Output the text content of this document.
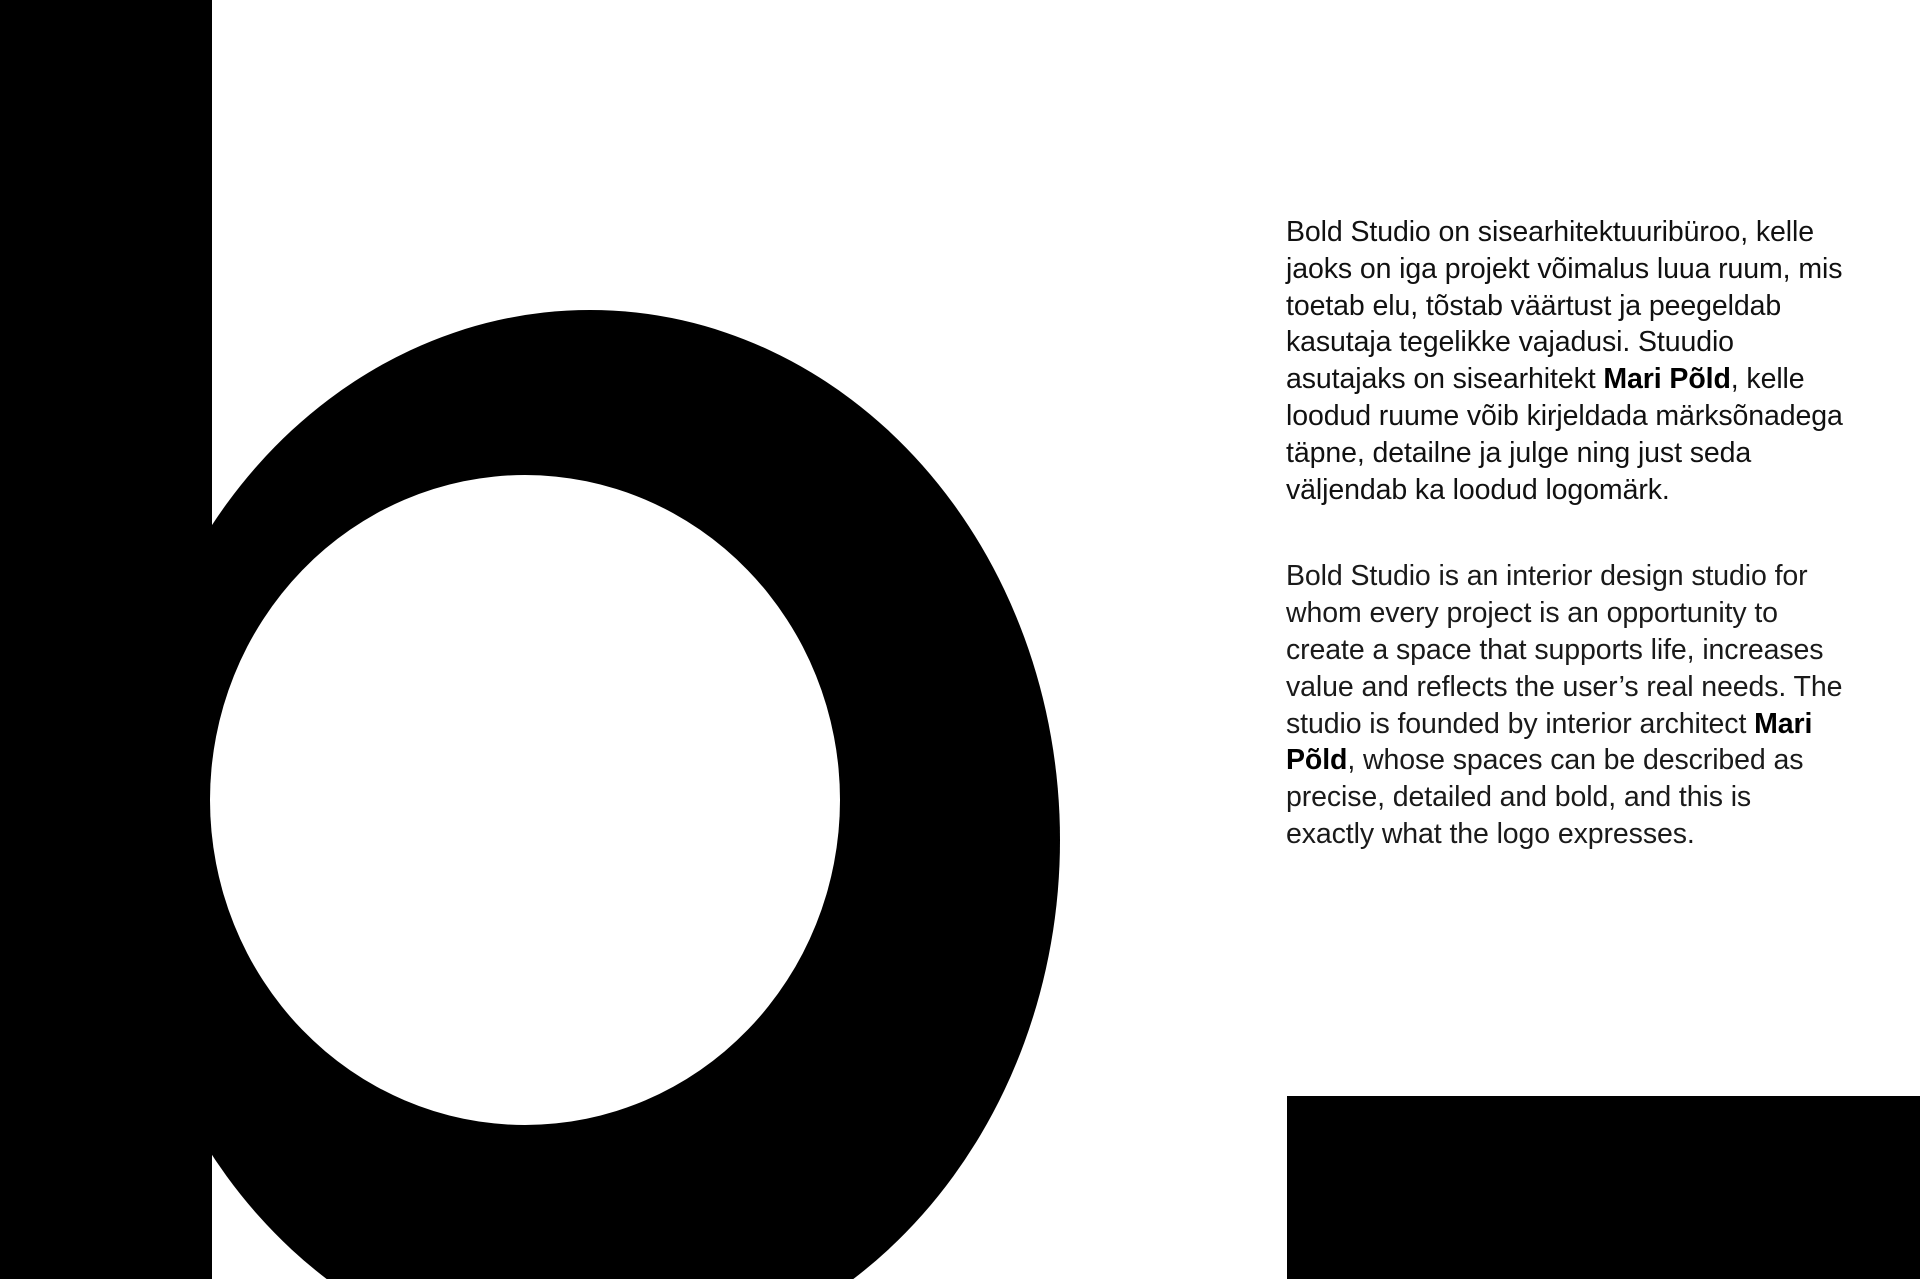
Bold Studio on sisearhitektuuribüroo, kelle jaoks on iga projekt võimalus luua ruum, mis toetab elu, tõstab väärtust ja peegeldab kasutaja tegelikke vajadusi. Stuudio asutajaks on sisearhitekt Mari Põld, kelle loodud ruume võib kirjeldada märksõnadega täpne, detailne ja julge ning just seda väljendab ka loodud logomärk.

Bold Studio is an interior design studio for whom every project is an opportunity to create a space that supports life, increases value and reflects the user’s real needs. The studio is founded by interior architect Mari Põld, whose spaces can be described as precise, detailed and bold, and this is exactly what the logo expresses.
